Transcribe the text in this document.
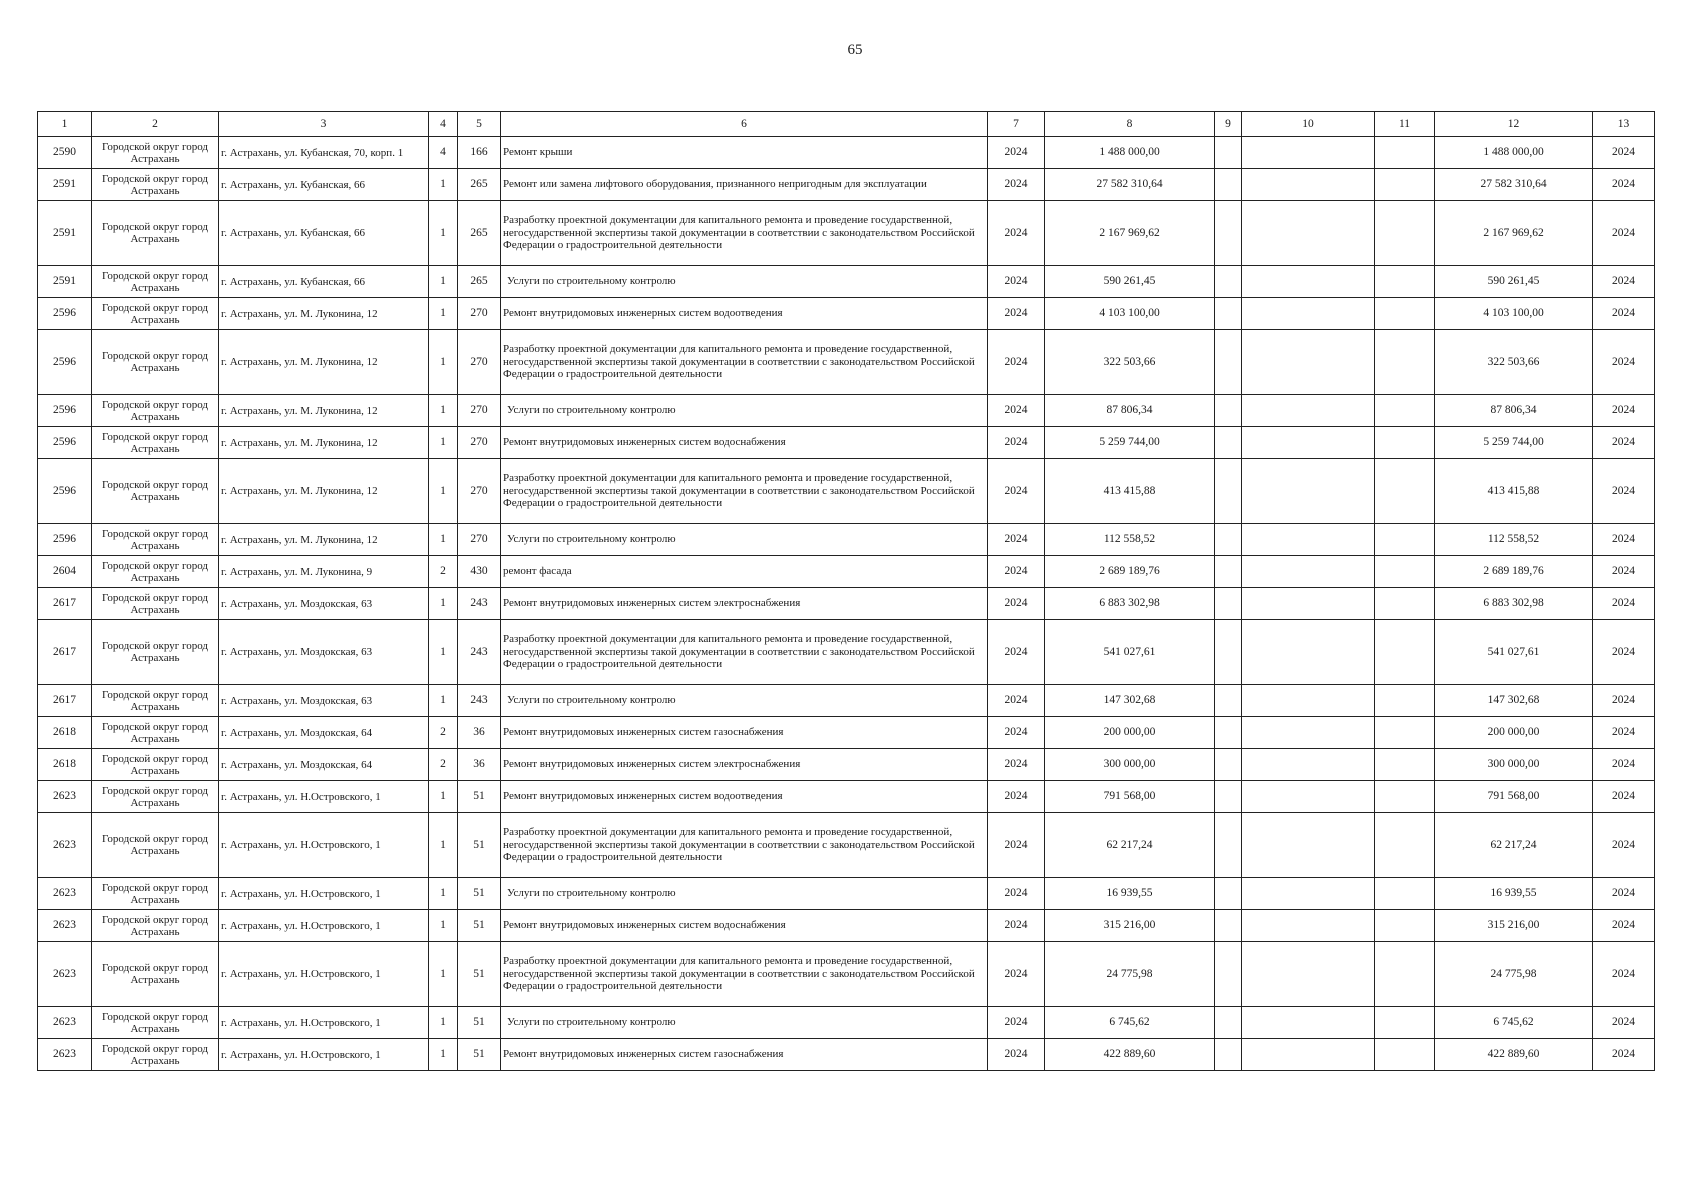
65
1	2	3	4	5	6	7	8	9	10	11	12	13
2590	Городской округ город Астрахань	г. Астрахань, ул. Кубанская, 70, корп. 1	4	166	Ремонт крыши	2024	1 488 000,00				1 488 000,00	2024
2591	Городской округ город Астрахань	г. Астрахань, ул. Кубанская, 66	1	265	Ремонт или замена лифтового оборудования, признанного непригодным для эксплуатации	2024	27 582 310,64				27 582 310,64	2024
2591	Городской округ город Астрахань	г. Астрахань, ул. Кубанская, 66	1	265	Разработку проектной документации для капитального ремонта и проведение государственной, негосударственной экспертизы такой документации в соответствии с законодательством Российской Федерации о градостроительной деятельности	2024	2 167 969,62				2 167 969,62	2024
2591	Городской округ город Астрахань	г. Астрахань, ул. Кубанская, 66	1	265	Услуги по строительному контролю	2024	590 261,45				590 261,45	2024
2596	Городской округ город Астрахань	г. Астрахань, ул. М. Луконина, 12	1	270	Ремонт внутридомовых инженерных систем водоотведения	2024	4 103 100,00				4 103 100,00	2024
2596	Городской округ город Астрахань	г. Астрахань, ул. М. Луконина, 12	1	270	Разработку проектной документации для капитального ремонта и проведение государственной, негосударственной экспертизы такой документации в соответствии с законодательством Российской Федерации о градостроительной деятельности	2024	322 503,66				322 503,66	2024
2596	Городской округ город Астрахань	г. Астрахань, ул. М. Луконина, 12	1	270	Услуги по строительному контролю	2024	87 806,34				87 806,34	2024
2596	Городской округ город Астрахань	г. Астрахань, ул. М. Луконина, 12	1	270	Ремонт внутридомовых инженерных систем водоснабжения	2024	5 259 744,00				5 259 744,00	2024
2596	Городской округ город Астрахань	г. Астрахань, ул. М. Луконина, 12	1	270	Разработку проектной документации для капитального ремонта и проведение государственной, негосударственной экспертизы такой документации в соответствии с законодательством Российской Федерации о градостроительной деятельности	2024	413 415,88				413 415,88	2024
2596	Городской округ город Астрахань	г. Астрахань, ул. М. Луконина, 12	1	270	Услуги по строительному контролю	2024	112 558,52				112 558,52	2024
2604	Городской округ город Астрахань	г. Астрахань, ул. М. Луконина, 9	2	430	ремонт фасада	2024	2 689 189,76				2 689 189,76	2024
2617	Городской округ город Астрахань	г. Астрахань, ул. Моздокская, 63	1	243	Ремонт внутридомовых инженерных систем электроснабжения	2024	6 883 302,98				6 883 302,98	2024
2617	Городской округ город Астрахань	г. Астрахань, ул. Моздокская, 63	1	243	Разработку проектной документации для капитального ремонта и проведение государственной, негосударственной экспертизы такой документации в соответствии с законодательством Российской Федерации о градостроительной деятельности	2024	541 027,61				541 027,61	2024
2617	Городской округ город Астрахань	г. Астрахань, ул. Моздокская, 63	1	243	Услуги по строительному контролю	2024	147 302,68				147 302,68	2024
2618	Городской округ город Астрахань	г. Астрахань, ул. Моздокская, 64	2	36	Ремонт внутридомовых инженерных систем газоснабжения	2024	200 000,00				200 000,00	2024
2618	Городской округ город Астрахань	г. Астрахань, ул. Моздокская, 64	2	36	Ремонт внутридомовых инженерных систем электроснабжения	2024	300 000,00				300 000,00	2024
2623	Городской округ город Астрахань	г. Астрахань, ул. Н.Островского, 1	1	51	Ремонт внутридомовых инженерных систем водоотведения	2024	791 568,00				791 568,00	2024
2623	Городской округ город Астрахань	г. Астрахань, ул. Н.Островского, 1	1	51	Разработку проектной документации для капитального ремонта и проведение государственной, негосударственной экспертизы такой документации в соответствии с законодательством Российской Федерации о градостроительной деятельности	2024	62 217,24				62 217,24	2024
2623	Городской округ город Астрахань	г. Астрахань, ул. Н.Островского, 1	1	51	Услуги по строительному контролю	2024	16 939,55				16 939,55	2024
2623	Городской округ город Астрахань	г. Астрахань, ул. Н.Островского, 1	1	51	Ремонт внутридомовых инженерных систем водоснабжения	2024	315 216,00				315 216,00	2024
2623	Городской округ город Астрахань	г. Астрахань, ул. Н.Островского, 1	1	51	Разработку проектной документации для капитального ремонта и проведение государственной, негосударственной экспертизы такой документации в соответствии с законодательством Российской Федерации о градостроительной деятельности	2024	24 775,98				24 775,98	2024
2623	Городской округ город Астрахань	г. Астрахань, ул. Н.Островского, 1	1	51	Услуги по строительному контролю	2024	6 745,62				6 745,62	2024
2623	Городской округ город Астрахань	г. Астрахань, ул. Н.Островского, 1	1	51	Ремонт внутридомовых инженерных систем газоснабжения	2024	422 889,60				422 889,60	2024
